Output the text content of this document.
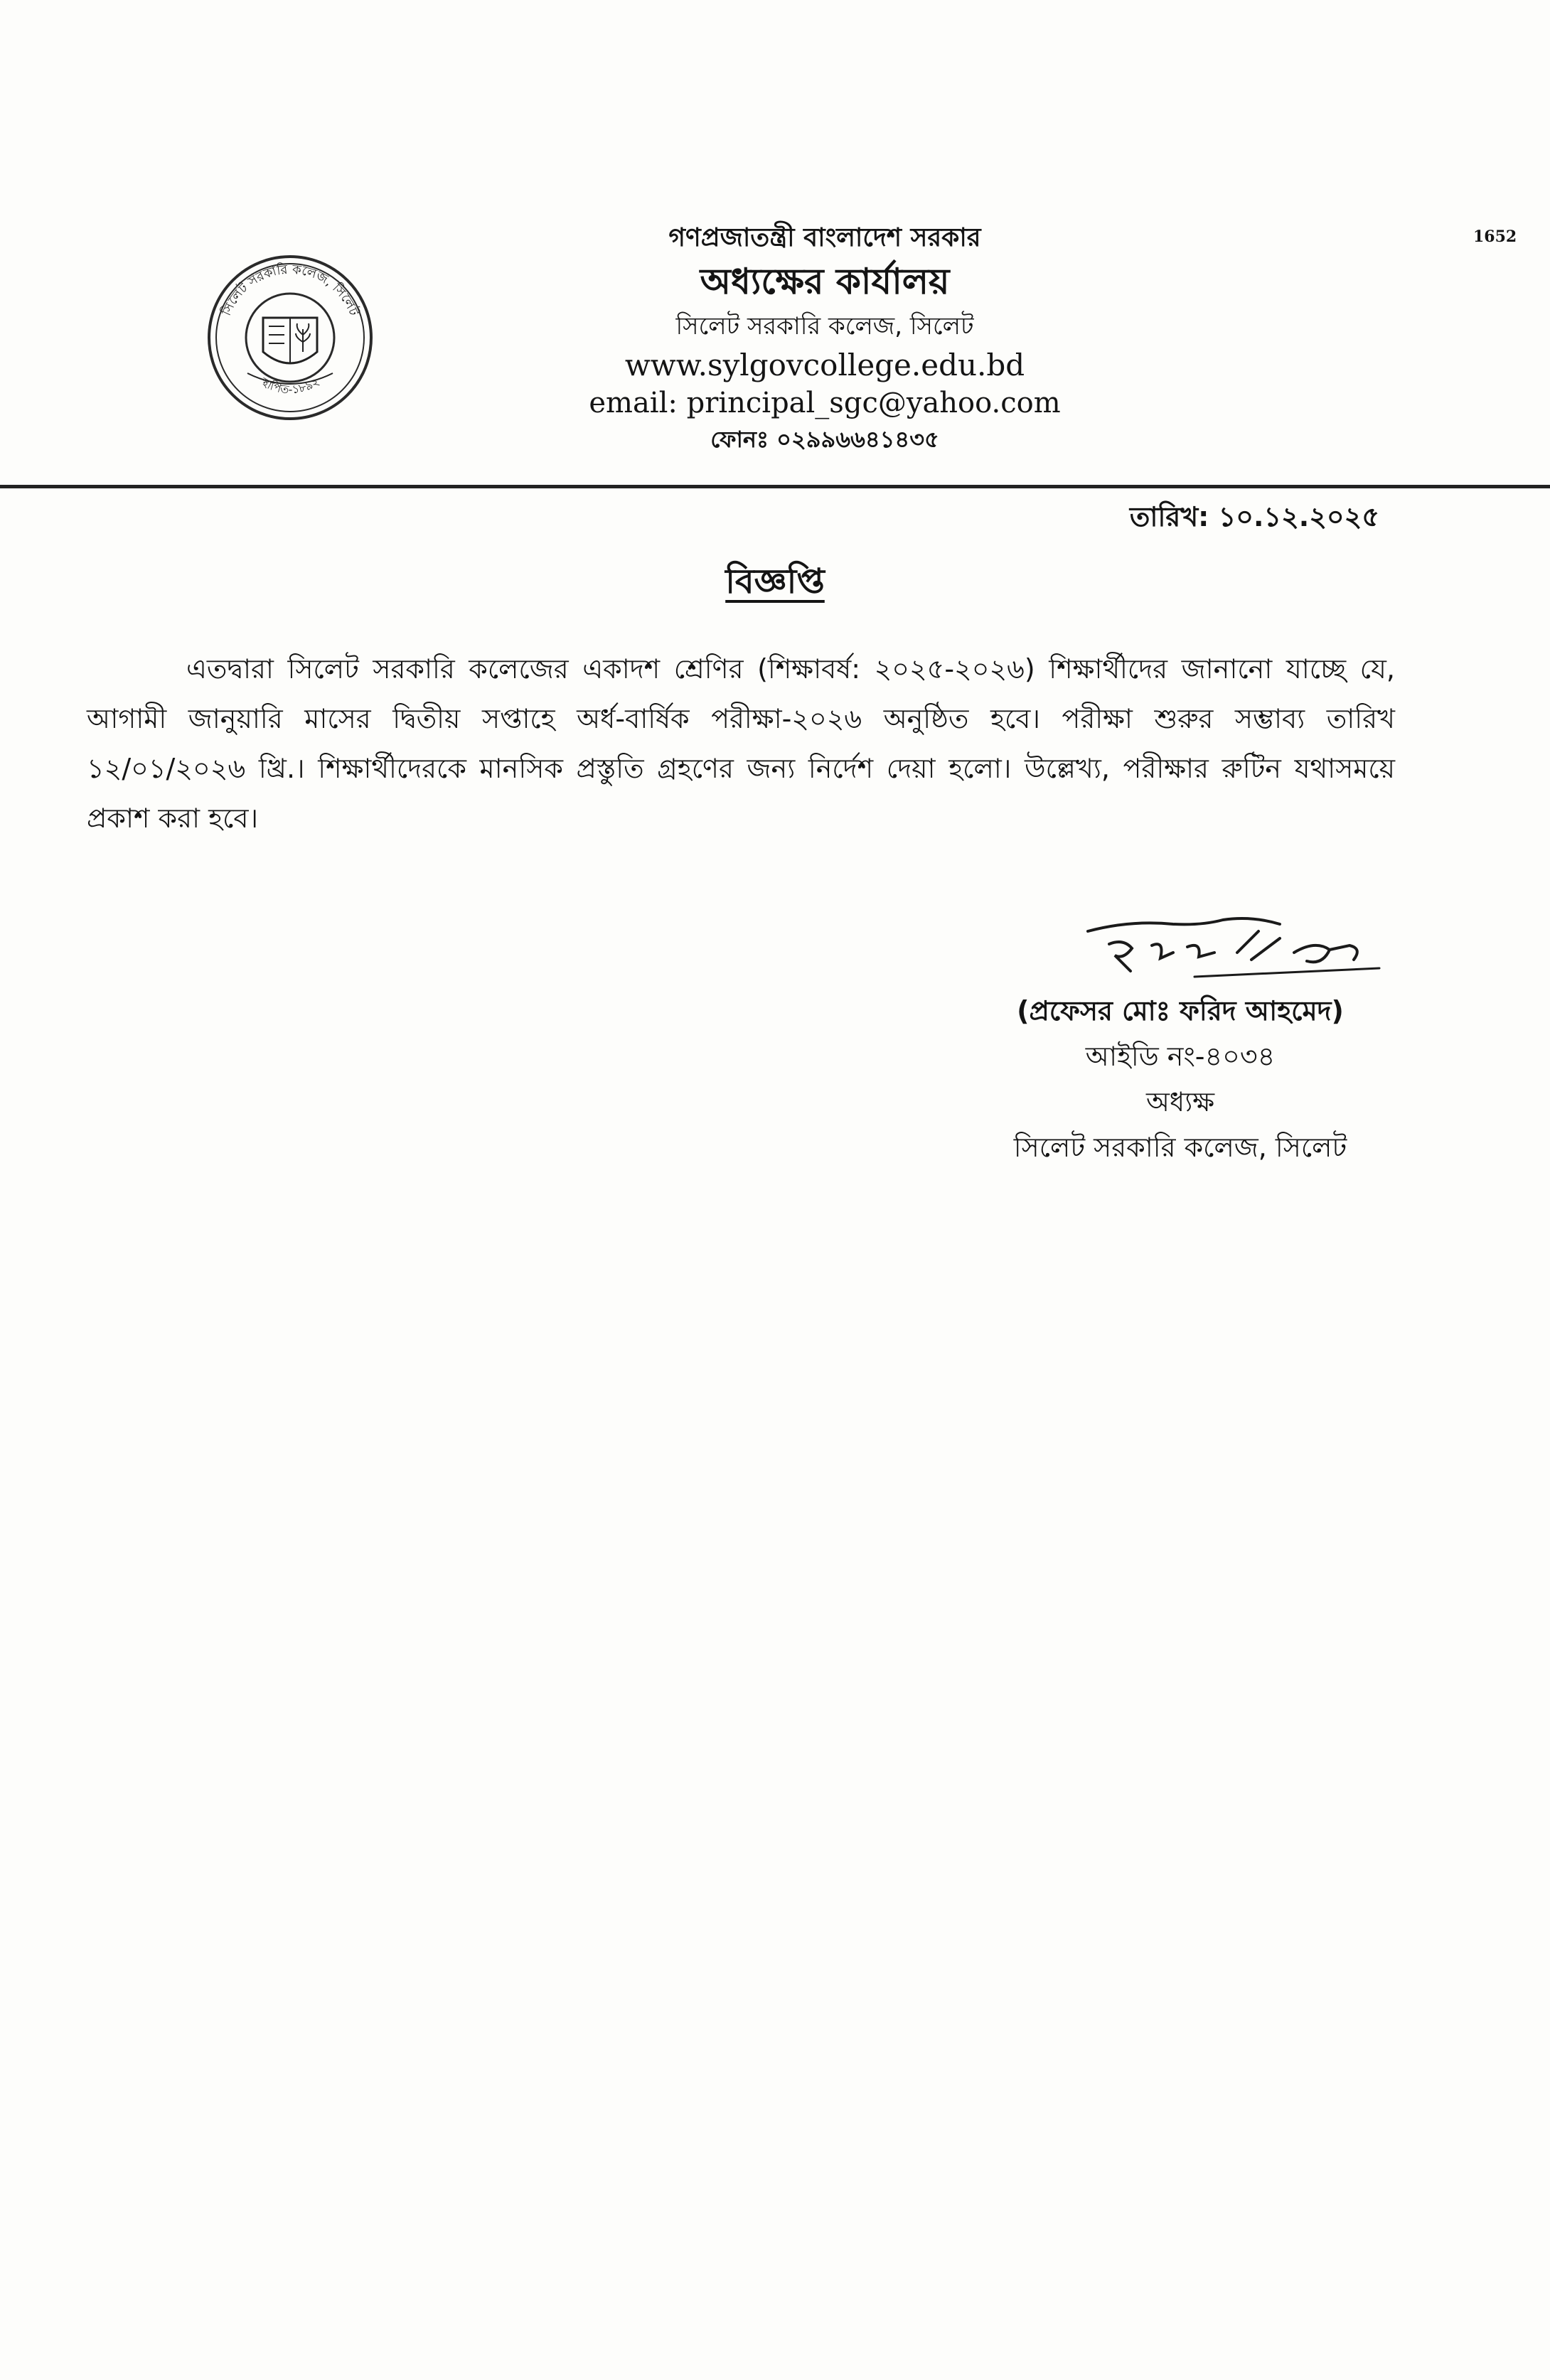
সিলেট সরকারি কলেজ, সিলেট
স্থাপিত-১৮৯২

গণপ্রজাতন্ত্রী বাংলাদেশ সরকার

অধ্যক্ষের কার্যালয়

সিলেট সরকারি কলেজ, সিলেট

www.sylgovcollege.edu.bd

email: principal_sgc@yahoo.com

ফোনঃ ০২৯৯৬৬৪১৪৩৫

1652
তারিখ: ১০.১২.২০২৫
বিজ্ঞপ্তি

এতদ্বারা সিলেট সরকারি কলেজের একাদশ শ্রেণির (শিক্ষাবর্ষ: ২০২৫-২০২৬) শিক্ষার্থীদের জানানো যাচ্ছে যে, আগামী জানুয়ারি মাসের দ্বিতীয় সপ্তাহে অর্ধ-বার্ষিক পরীক্ষা-২০২৬ অনুষ্ঠিত হবে। পরীক্ষা শুরুর সম্ভাব্য তারিখ ১২/০১/২০২৬ খ্রি.। শিক্ষার্থীদেরকে মানসিক প্রস্তুতি গ্রহণের জন্য নির্দেশ দেয়া হলো। উল্লেখ্য, পরীক্ষার রুটিন যথাসময়ে প্রকাশ করা হবে।

(প্রফেসর মোঃ ফরিদ আহমেদ)
আইডি নং-৪০৩৪
অধ্যক্ষ
সিলেট সরকারি কলেজ, সিলেট
